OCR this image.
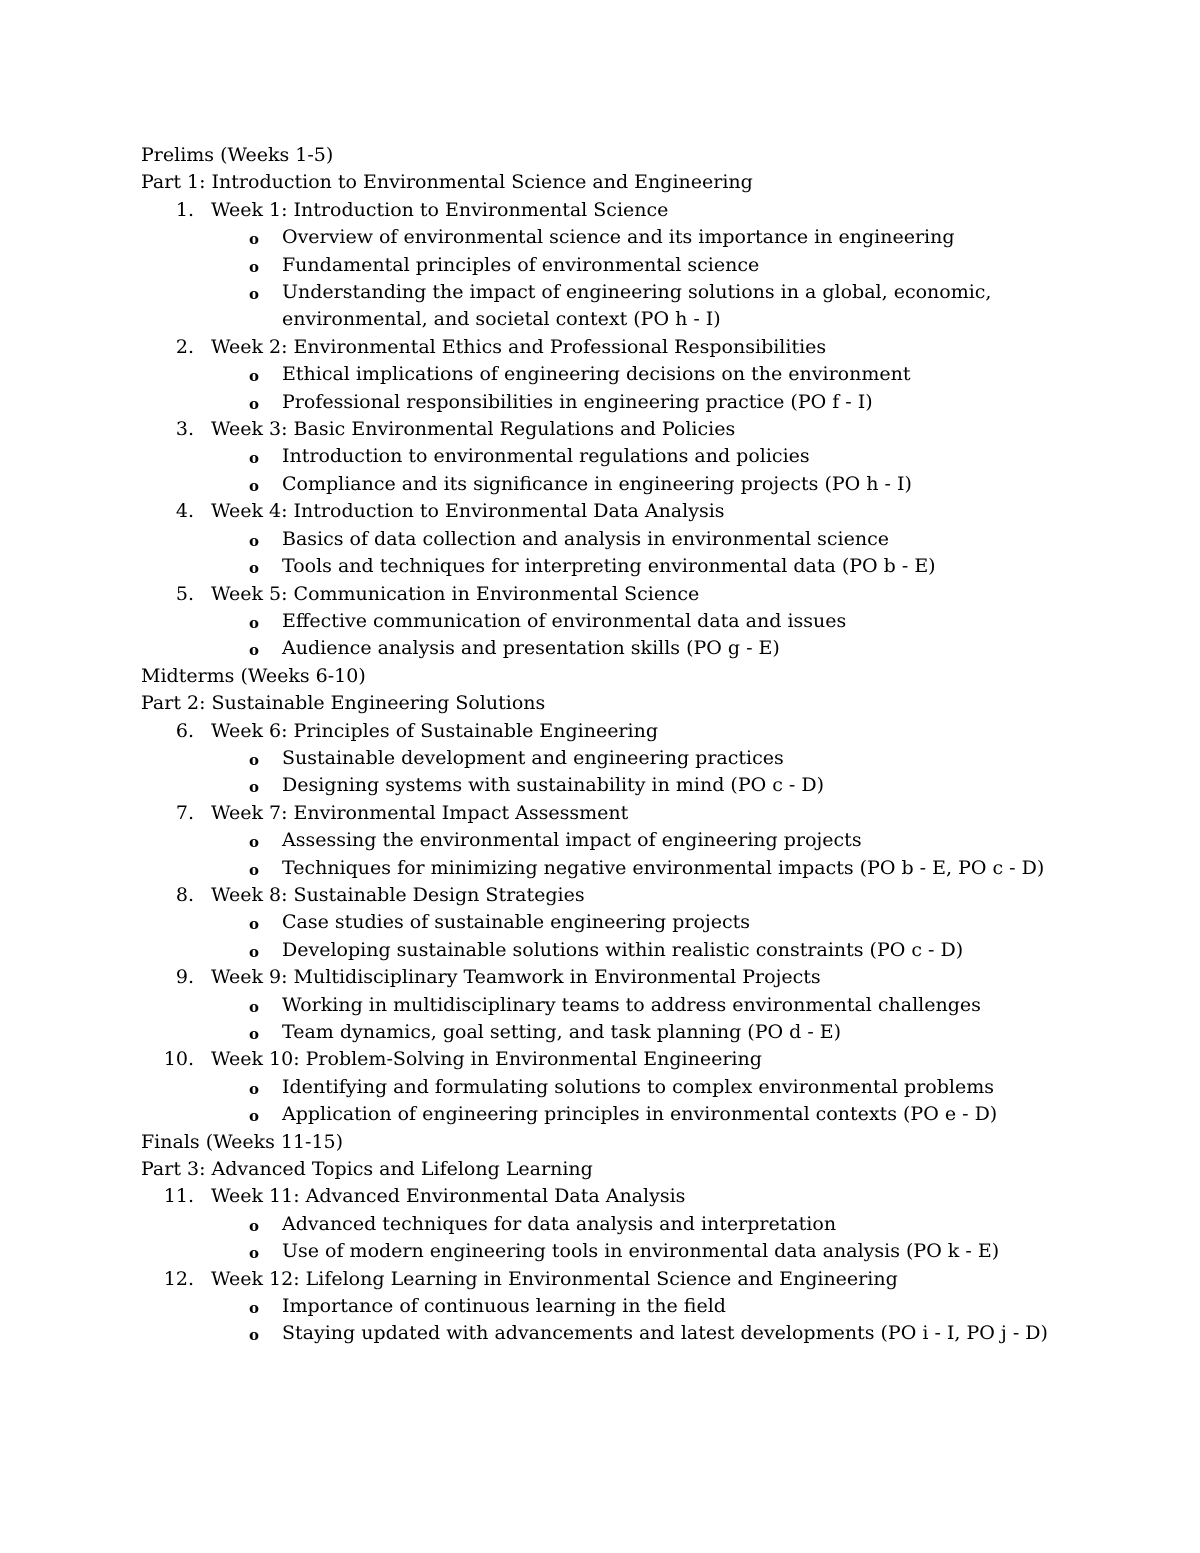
Prelims (Weeks 1-5)
Part 1: Introduction to Environmental Science and Engineering
1. Week 1: Introduction to Environmental Science
o Overview of environmental science and its importance in engineering
o Fundamental principles of environmental science
o Understanding the impact of engineering solutions in a global, economic, environmental, and societal context (PO h - I)
2. Week 2: Environmental Ethics and Professional Responsibilities
o Ethical implications of engineering decisions on the environment
o Professional responsibilities in engineering practice (PO f - I)
3. Week 3: Basic Environmental Regulations and Policies
o Introduction to environmental regulations and policies
o Compliance and its significance in engineering projects (PO h - I)
4. Week 4: Introduction to Environmental Data Analysis
o Basics of data collection and analysis in environmental science
o Tools and techniques for interpreting environmental data (PO b - E)
5. Week 5: Communication in Environmental Science
o Effective communication of environmental data and issues
o Audience analysis and presentation skills (PO g - E)
Midterms (Weeks 6-10)
Part 2: Sustainable Engineering Solutions
6. Week 6: Principles of Sustainable Engineering
o Sustainable development and engineering practices
o Designing systems with sustainability in mind (PO c - D)
7. Week 7: Environmental Impact Assessment
o Assessing the environmental impact of engineering projects
o Techniques for minimizing negative environmental impacts (PO b - E, PO c - D)
8. Week 8: Sustainable Design Strategies
o Case studies of sustainable engineering projects
o Developing sustainable solutions within realistic constraints (PO c - D)
9. Week 9: Multidisciplinary Teamwork in Environmental Projects
o Working in multidisciplinary teams to address environmental challenges
o Team dynamics, goal setting, and task planning (PO d - E)
10. Week 10: Problem-Solving in Environmental Engineering
o Identifying and formulating solutions to complex environmental problems
o Application of engineering principles in environmental contexts (PO e - D)
Finals (Weeks 11-15)
Part 3: Advanced Topics and Lifelong Learning
11. Week 11: Advanced Environmental Data Analysis
o Advanced techniques for data analysis and interpretation
o Use of modern engineering tools in environmental data analysis (PO k - E)
12. Week 12: Lifelong Learning in Environmental Science and Engineering
o Importance of continuous learning in the field
o Staying updated with advancements and latest developments (PO i - I, PO j - D)
